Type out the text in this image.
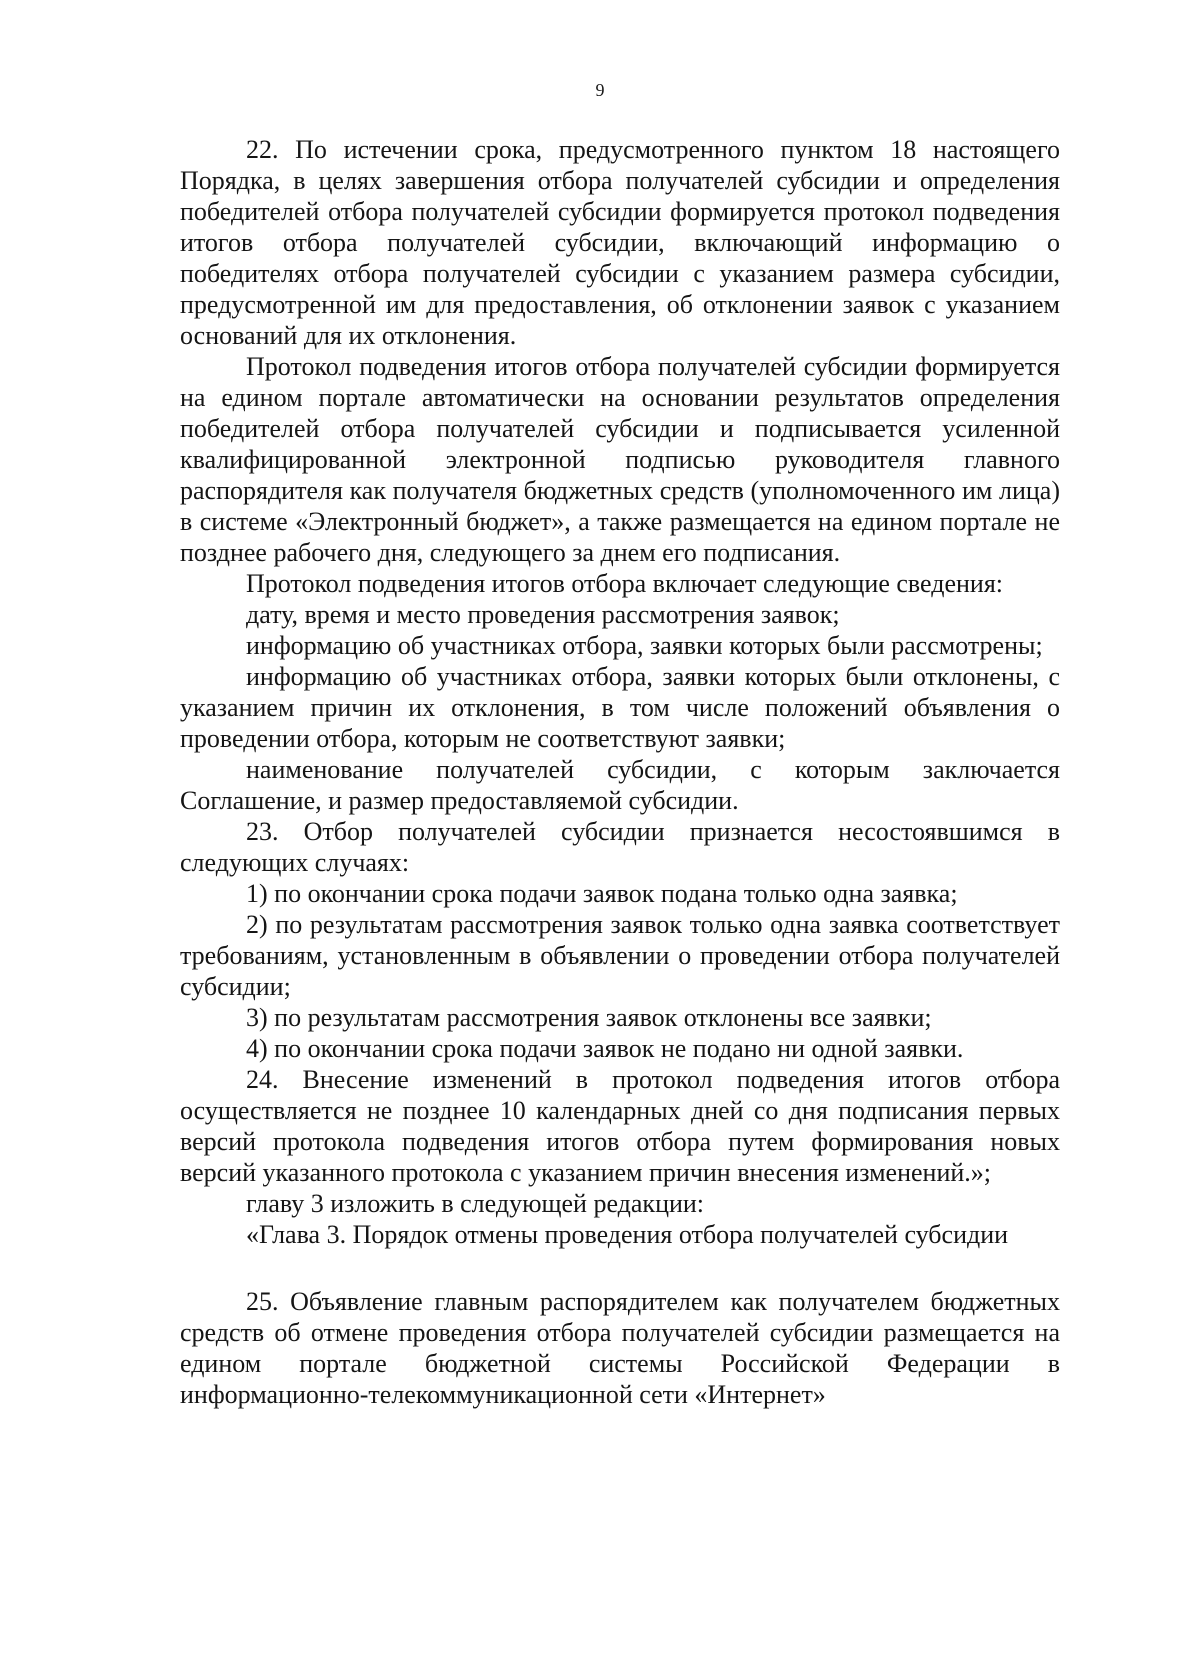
9

22. По истечении срока, предусмотренного пунктом 18 настоящего Порядка, в целях завершения отбора получателей субсидии и определения победителей отбора получателей субсидии формируется протокол подведения итогов отбора получателей субсидии, включающий информацию о победителях отбора получателей субсидии с указанием размера субсидии, предусмотренной им для предоставления, об отклонении заявок с указанием оснований для их отклонения.

Протокол подведения итогов отбора получателей субсидии формируется на едином портале автоматически на основании результатов определения победителей отбора получателей субсидии и подписывается усиленной квалифицированной электронной подписью руководителя главного распорядителя как получателя бюджетных средств (уполномоченного им лица) в системе «Электронный бюджет», а также размещается на едином портале не позднее рабочего дня, следующего за днем его подписания.

Протокол подведения итогов отбора включает следующие сведения:

дату, время и место проведения рассмотрения заявок;

информацию об участниках отбора, заявки которых были рассмотрены;

информацию об участниках отбора, заявки которых были отклонены, с указанием причин их отклонения, в том числе положений объявления о проведении отбора, которым не соответствуют заявки;

наименование получателей субсидии, с которым заключается Соглашение, и размер предоставляемой субсидии.

23. Отбор получателей субсидии признается несостоявшимся в следующих случаях:

1) по окончании срока подачи заявок подана только одна заявка;

2) по результатам рассмотрения заявок только одна заявка соответствует требованиям, установленным в объявлении о проведении отбора получателей субсидии;

3) по результатам рассмотрения заявок отклонены все заявки;

4) по окончании срока подачи заявок не подано ни одной заявки.

24. Внесение изменений в протокол подведения итогов отбора осуществляется не позднее 10 календарных дней со дня подписания первых версий протокола подведения итогов отбора путем формирования новых версий указанного протокола с указанием причин внесения изменений.»;

главу 3 изложить в следующей редакции:

«Глава 3. Порядок отмены проведения отбора получателей субсидии

25. Объявление главным распорядителем как получателем бюджетных средств об отмене проведения отбора получателей субсидии размещается на едином портале бюджетной системы Российской Федерации в информационно-телекоммуникационной сети «Интернет»
